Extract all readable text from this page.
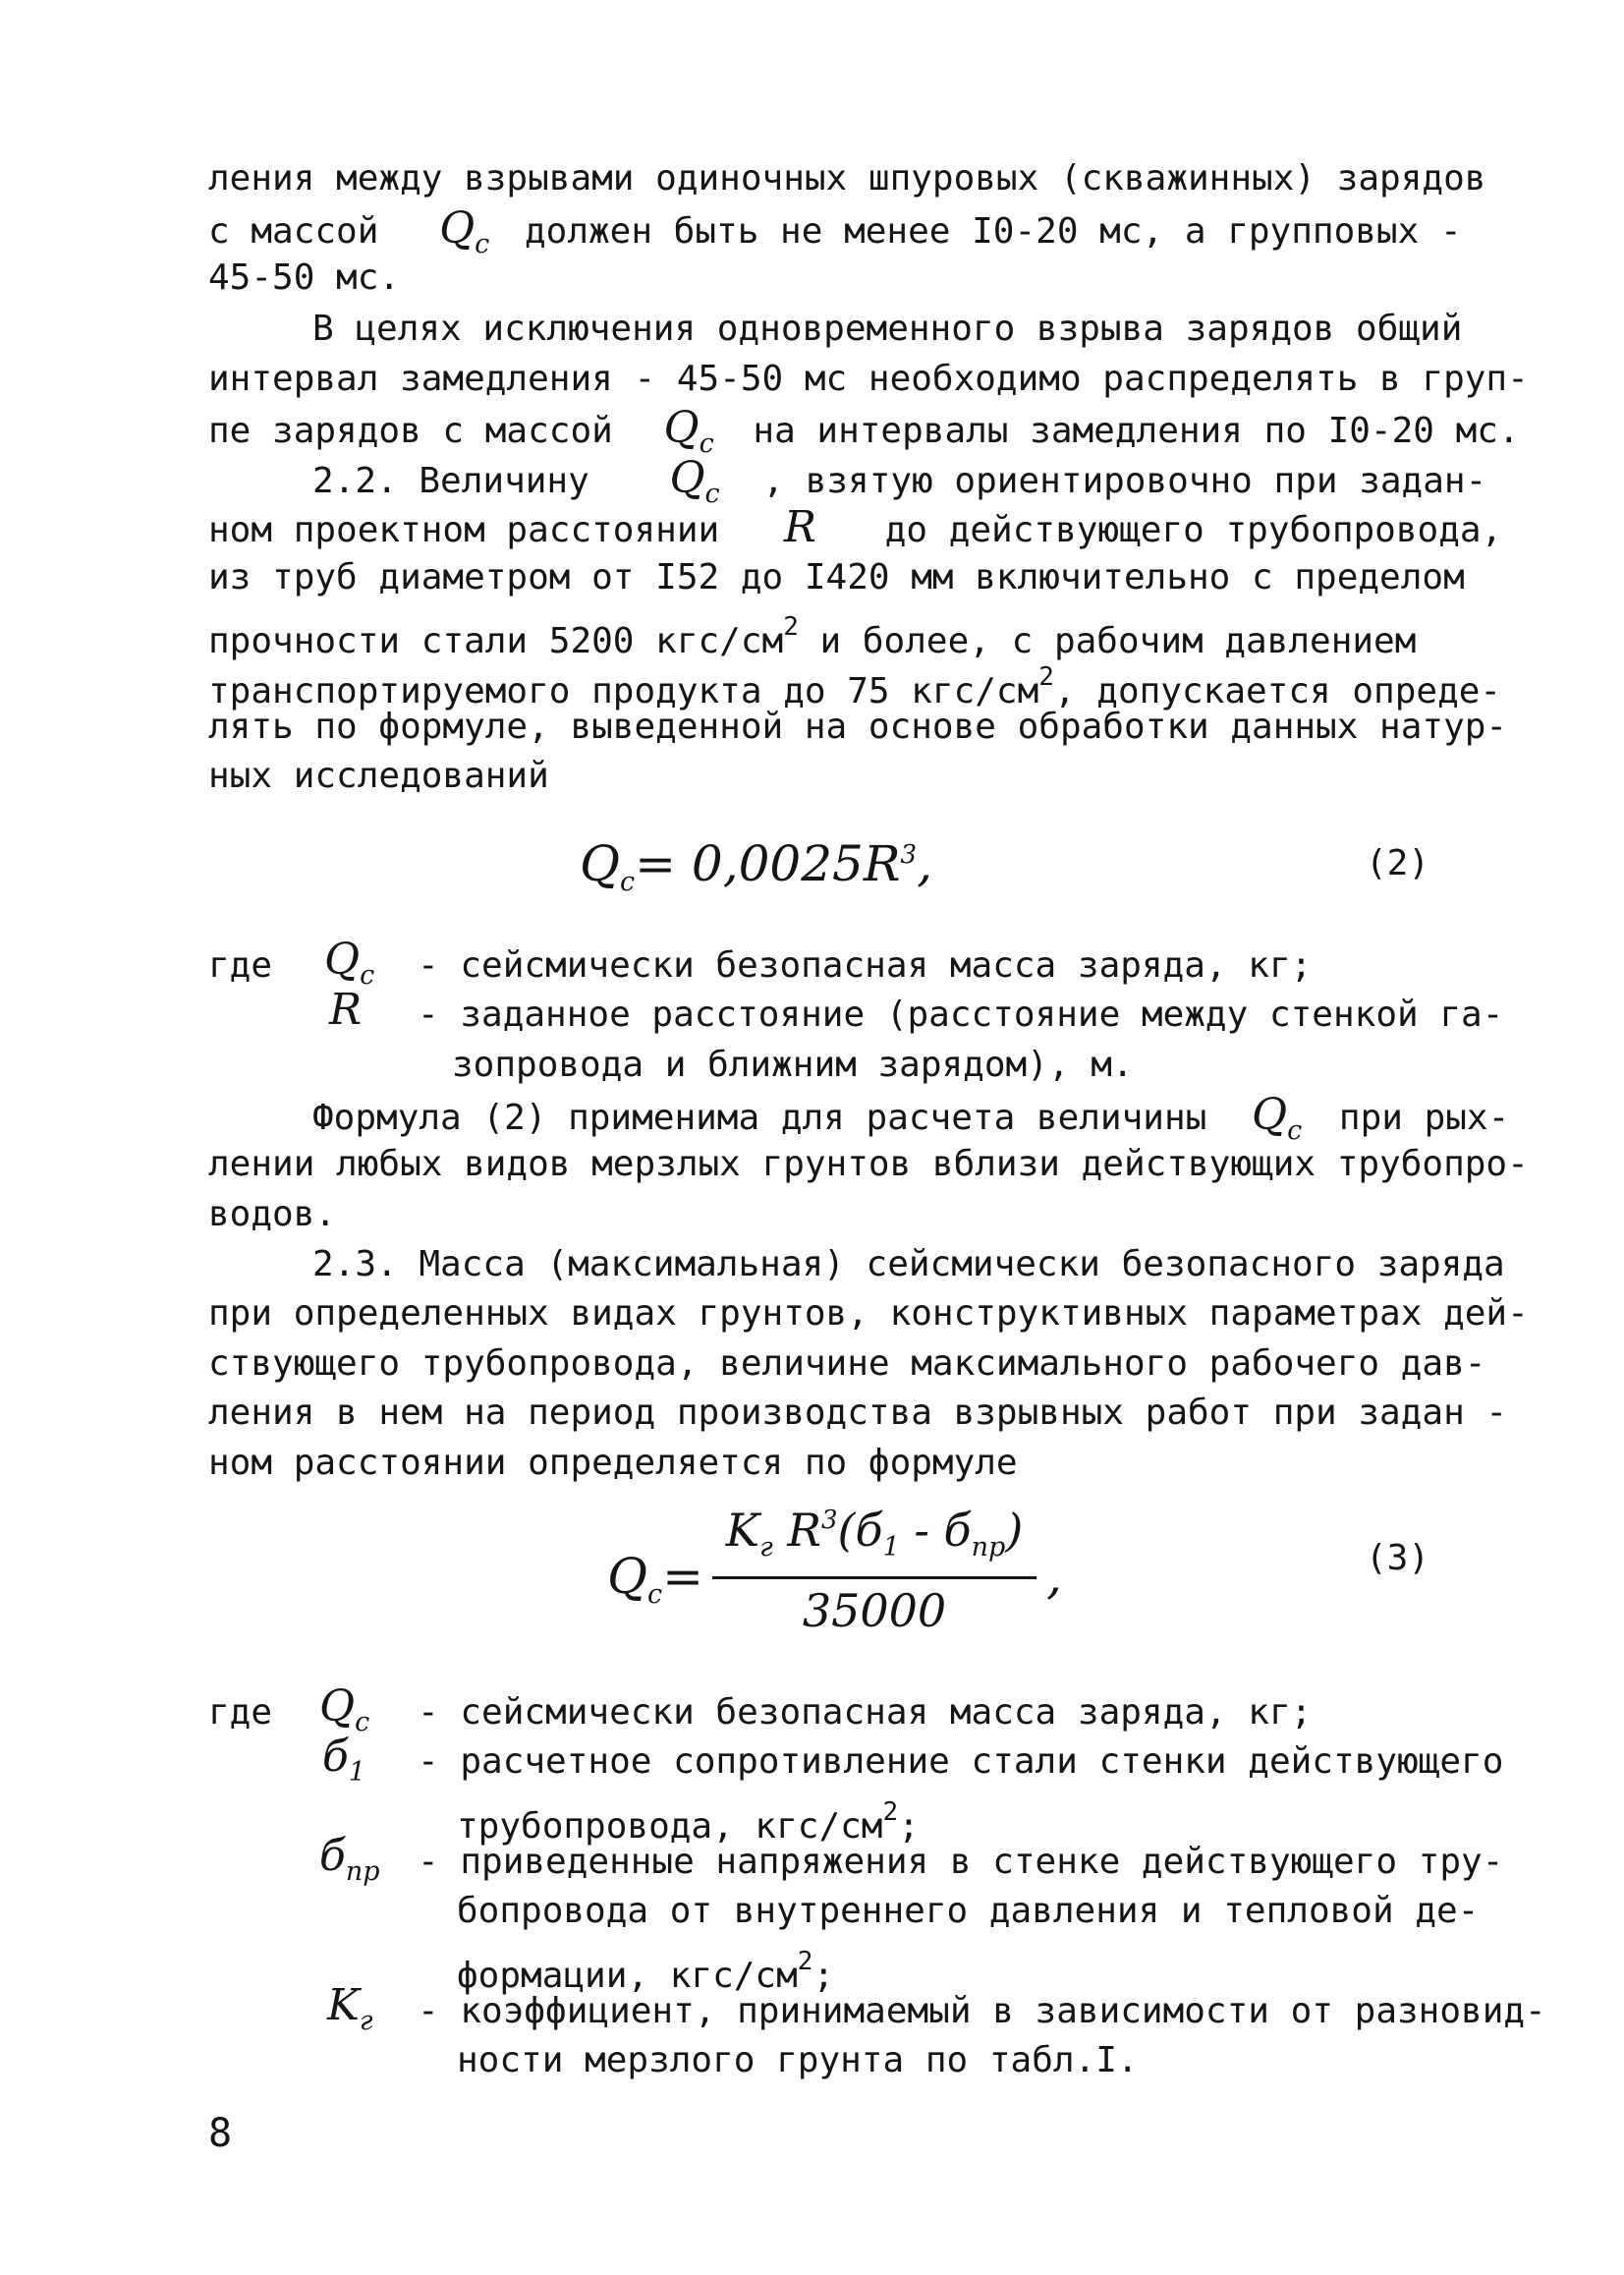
ления между взрывами одиночных шпуровых (скважинных) зарядов
с массой $Q_c$ должен быть не менее I0-20 мс, а групповых -
45-50 мс.
В целях исключения одновременного взрыва зарядов общий
интервал замедления - 45-50 мс необходимо распределять в груп-
пе зарядов с массой $Q_c$ на интервалы замедления по I0-20 мс.
2.2. Величину $Q_c$ , взятую ориентировочно при задан-
ном проектном расстоянии R до действующего трубопровода,
из труб диаметром от I52 до I420 мм включительно с пределом
прочности стали 5200 кгс/$см^2$ и более, с рабочим давлением
транспортируемого продукта до 75 кгс/$см^2$, допускается опреде-
лять по формуле, выведенной на основе обработки данных натур-
ных исследований
$Q_c= 0,0025R^3$,	(2)
где $Q_c$ - сейсмически безопасная масса заряда, кг;
R - заданное расстояние (расстояние между стенкой га-
зопровода и ближним зарядом), м.
Формула (2) применима для расчета величины $Q_c$ при рых-
лении любых видов мерзлых грунтов вблизи действующих трубопро-
водов.
2.3. Масса (максимальная) сейсмически безопасного заряда
при определенных видах грунтов, конструктивных параметрах дей-
ствующего трубопровода, величине максимального рабочего дав-
ления в нем на период производства взрывных работ при задан -
ном расстоянии определяется по формуле
$Q_c=$
$K_г$ $R^3(б_1 - б_{пр})$
35000
,	(3)
где $Q_c$ - сейсмически безопасная масса заряда, кг;
$б_1$ - расчетное сопротивление стали стенки действующего
трубопровода, кгс/$см^2$;
$б_{пр}$ - приведенные напряжения в стенке действующего тру-
бопровода от внутреннего давления и тепловой де-
формации, кгс/$см^2$;
$K_г$ - коэффициент, принимаемый в зависимости от разновид-
ности мерзлого грунта по табл.I.
8
